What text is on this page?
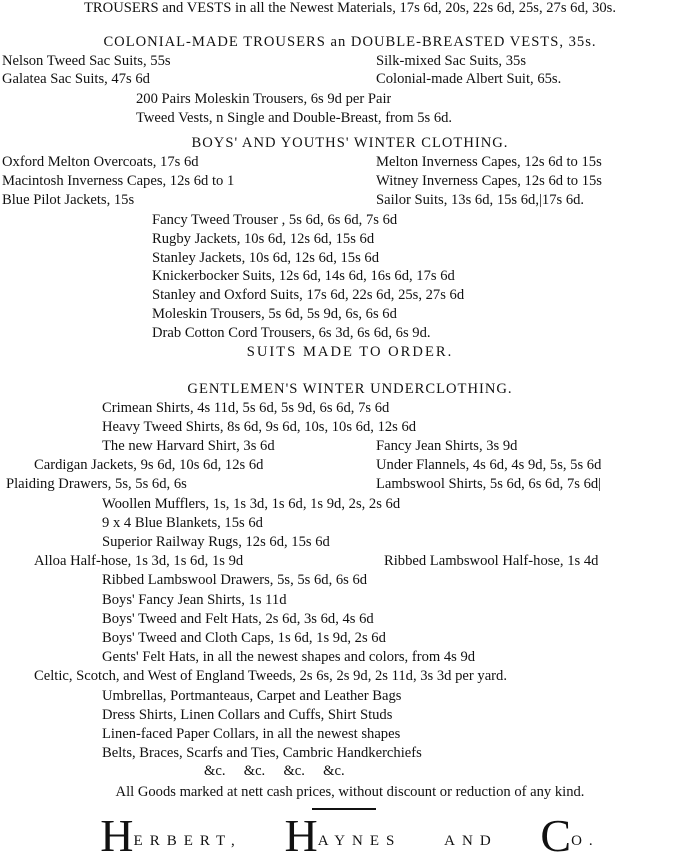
TROUSERS and VESTS in all the Newest Materials, 17s 6d, 20s, 22s 6d, 25s, 27s 6d, 30s.
COLONIAL-MADE TROUSERS an DOUBLE-BREASTED VESTS, 35s.
Nelson Tweed Sac Suits, 55s	Silk-mixed Sac Suits, 35s
Galatea Sac Suits, 47s 6d	Colonial-made Albert Suit, 65s.
200 Pairs Moleskin Trousers, 6s 9d per Pair
Tweed Vests, n Single and Double-Breast, from 5s 6d.
BOYS' AND YOUTHS' WINTER CLOTHING.
Oxford Melton Overcoats, 17s 6d	Melton Inverness Capes, 12s 6d to 15s
Macintosh Inverness Capes, 12s 6d to 1	Witney Inverness Capes, 12s 6d to 15s
Blue Pilot Jackets, 15s	Sailor Suits, 13s 6d, 15s 6d,|17s 6d.
Fancy Tweed Trouser , 5s 6d, 6s 6d, 7s 6d
Rugby Jackets, 10s 6d, 12s 6d, 15s 6d
Stanley Jackets, 10s 6d, 12s 6d, 15s 6d
Knickerbocker Suits, 12s 6d, 14s 6d, 16s 6d, 17s 6d
Stanley and Oxford Suits, 17s 6d, 22s 6d, 25s, 27s 6d
Moleskin Trousers, 5s 6d, 5s 9d, 6s, 6s 6d
Drab Cotton Cord Trousers, 6s 3d, 6s 6d, 6s 9d.
SUITS MADE TO ORDER.
GENTLEMEN'S WINTER UNDERCLOTHING.
Crimean Shirts, 4s 11d, 5s 6d, 5s 9d, 6s 6d, 7s 6d
Heavy Tweed Shirts, 8s 6d, 9s 6d, 10s, 10s 6d, 12s 6d
The new Harvard Shirt, 3s 6d	Fancy Jean Shirts, 3s 9d
Cardigan Jackets, 9s 6d, 10s 6d, 12s 6d	Under Flannels, 4s 6d, 4s 9d, 5s, 5s 6d
Plaiding Drawers, 5s, 5s 6d, 6s	Lambswool Shirts, 5s 6d, 6s 6d, 7s 6d|
Woollen Mufflers, 1s, 1s 3d, 1s 6d, 1s 9d, 2s, 2s 6d
9 x 4 Blue Blankets, 15s 6d
Superior Railway Rugs, 12s 6d, 15s 6d
Alloa Half-hose, 1s 3d, 1s 6d, 1s 9d	Ribbed Lambswool Half-hose, 1s 4d
Ribbed Lambswool Drawers, 5s, 5s 6d, 6s 6d
Boys' Fancy Jean Shirts, 1s 11d
Boys' Tweed and Felt Hats, 2s 6d, 3s 6d, 4s 6d
Boys' Tweed and Cloth Caps, 1s 6d, 1s 9d, 2s 6d
Gents' Felt Hats, in all the newest shapes and colors, from 4s 9d
Celtic, Scotch, and West of England Tweeds, 2s 6s, 2s 9d, 2s 11d, 3s 3d per yard.
Umbrellas, Portmanteaus, Carpet and Leather Bags
Dress Shirts, Linen Collars and Cuffs, Shirt Studs
Linen-faced Paper Collars, in all the newest shapes
Belts, Braces, Scarfs and Ties, Cambric Handkerchiefs
&c.     &c.     &c.     &c.
All Goods marked at nett cash prices, without discount or reduction of any kind.
HERBERT, HAYNES	AND CO.
